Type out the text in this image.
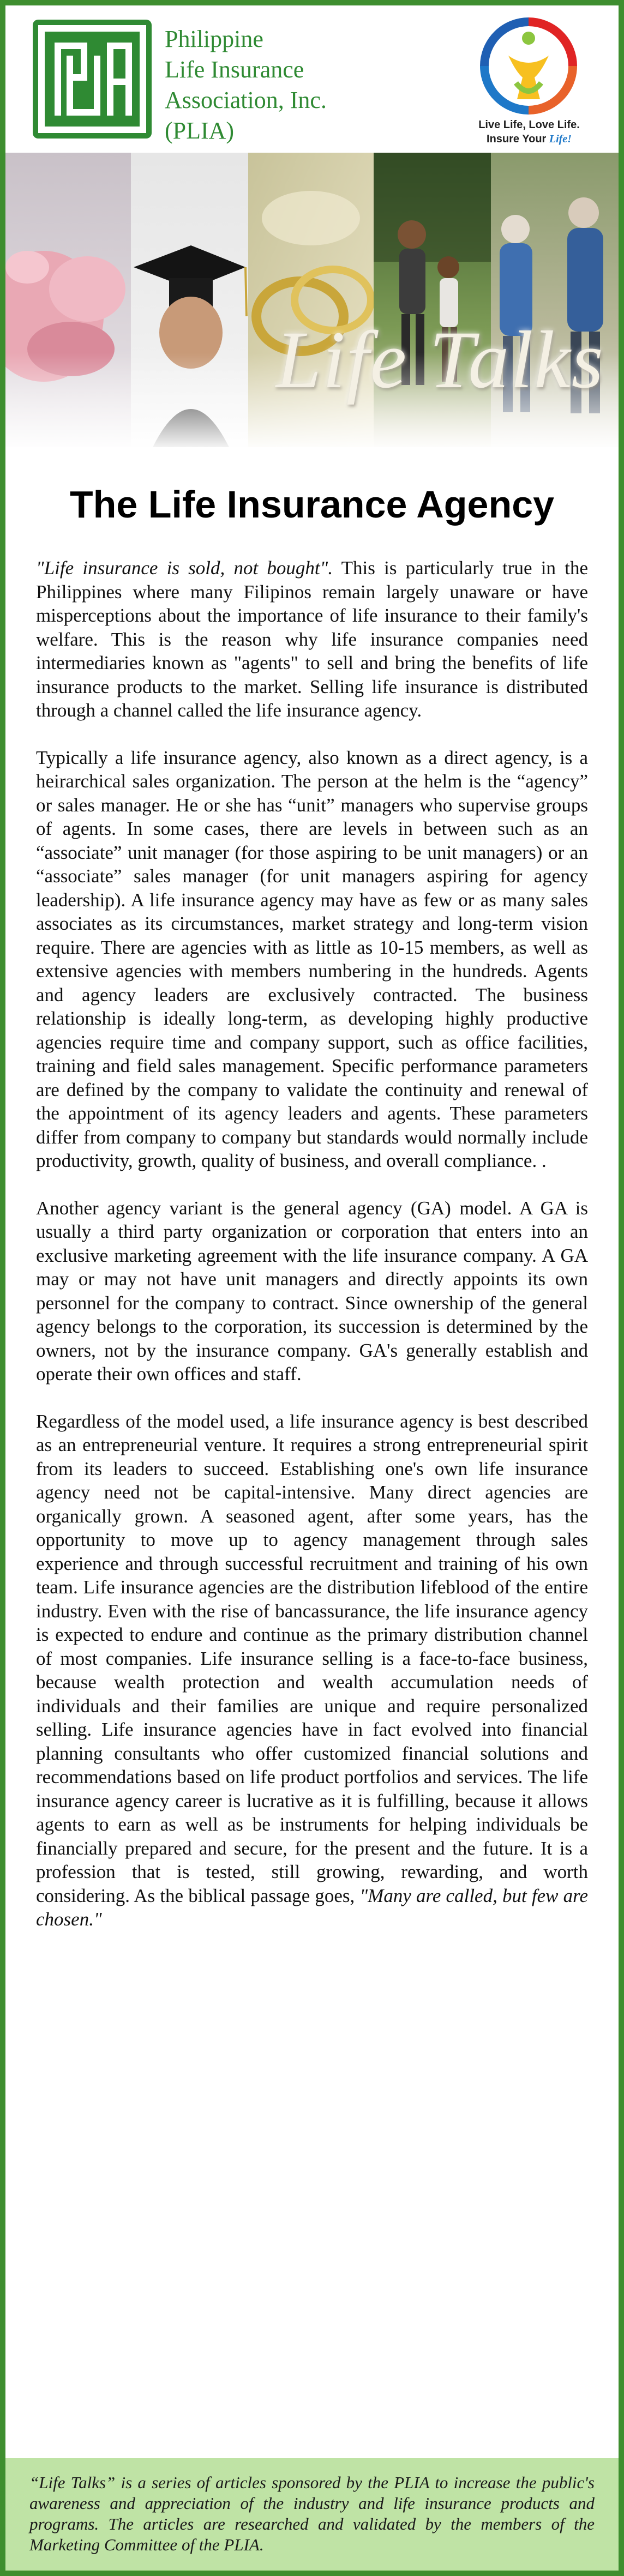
Philippine
Life Insurance
Association, Inc.
(PLIA)	Live Life, Love Life.
Insure Your Life!
Life Talks
The Life Insurance Agency

"Life insurance is sold, not bought". This is particularly true in the Philippines where many Filipinos remain largely unaware or have misperceptions about the importance of life insurance to their family's welfare. This is the reason why life insurance companies need intermediaries known as "agents" to sell and bring the benefits of life insurance products to the market. Selling life insurance is distributed through a channel called the life insurance agency.

Typically a life insurance agency, also known as a direct agency, is a heirarchical sales organization. The person at the helm is the “agency” or sales manager. He or she has “unit” managers who supervise groups of agents. In some cases, there are levels in between such as an “associate” unit manager (for those aspiring to be unit managers) or an “associate” sales manager (for unit managers aspiring for agency leadership). A life insurance agency may have as few or as many sales associates as its circumstances, market strategy and long-term vision require. There are agencies with as little as 10-15 members, as well as extensive agencies with members numbering in the hundreds. Agents and agency leaders are exclusively contracted. The business relationship is ideally long-term, as developing highly productive agencies require time and company support, such as office facilities, training and field sales management. Specific performance parameters are defined by the company to validate the continuity and renewal of the appointment of its agency leaders and agents. These parameters differ from company to company but standards would normally include productivity, growth, quality of business, and overall compliance. .

Another agency variant is the general agency (GA) model. A GA is usually a third party organization or corporation that enters into an exclusive marketing agreement with the life insurance company. A GA may or may not have unit managers and directly appoints its own personnel for the company to contract. Since ownership of the general agency belongs to the corporation, its succession is determined by the owners, not by the insurance company. GA's generally establish and operate their own offices and staff.

Regardless of the model used, a life insurance agency is best described as an entrepreneurial venture. It requires a strong entrepreneurial spirit from its leaders to succeed. Establishing one's own life insurance agency need not be capital-intensive. Many direct agencies are organically grown. A seasoned agent, after some years, has the opportunity to move up to agency management through sales experience and through successful recruitment and training of his own team. Life insurance agencies are the distribution lifeblood of the entire industry. Even with the rise of bancassurance, the life insurance agency is expected to endure and continue as the primary distribution channel of most companies. Life insurance selling is a face-to-face business, because wealth protection and wealth accumulation needs of individuals and their families are unique and require personalized selling. Life insurance agencies have in fact evolved into financial planning consultants who offer customized financial solutions and recommendations based on life product portfolios and services. The life insurance agency career is lucrative as it is fulfilling, because it allows agents to earn as well as be instruments for helping individuals be financially prepared and secure, for the present and the future. It is a profession that is tested, still growing, rewarding, and worth considering. As the biblical passage goes, "Many are called, but few are chosen."

“Life Talks” is a series of articles sponsored by the PLIA to increase the public's awareness and appreciation of the industry and life insurance products and programs. The articles are researched and validated by the members of the Marketing Committee of the PLIA.
